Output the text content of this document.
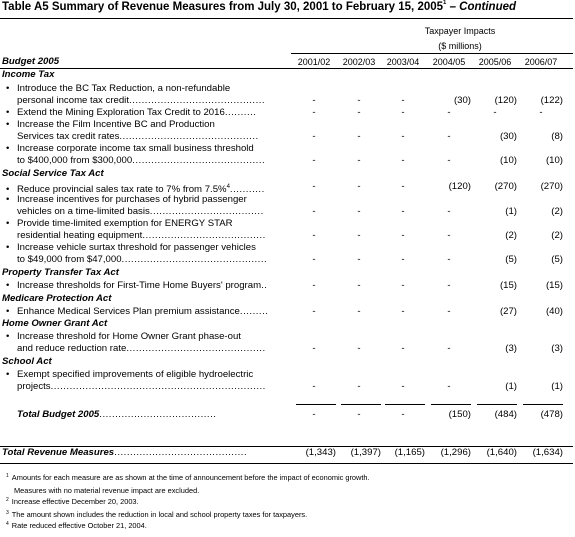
Table A5 Summary of Revenue Measures from July 30, 2001 to February 15, 2005$^1$ – Continued
Taxpayer Impacts
($ millions)
Budget 2005	2001/02	2002/03	2003/04	2004/05	2005/06	2006/07
Income Tax
• Introduce the BC Tax Reduction, a non-refundable
personal income tax credit...........................................	-	-	-	(30)	(120)	(122)
• Extend the Mining Exploration Tax Credit to 2016..........	-	-	-	-	-	-
• Increase the Film Incentive BC and Production
Services tax credit rates............................................	-	-	-	-	(30)	(8)
• Increase corporate income tax small business threshold
to $400,000 from $300,000..........................................	-	-	-	-	(10)	(10)
Social Service Tax Act
• Reduce provincial sales tax rate to 7% from 7.5%$^4$...........	-	-	-	(120)	(270)	(270)
• Increase incentives for purchases of hybrid passenger
vehicles on a time-limited basis....................................	-	-	-	-	(1)	(2)
• Provide time-limited exemption for ENERGY STAR
residential heating equipment.......................................	-	-	-	-	(2)	(2)
• Increase vehicle surtax threshold for passenger vehicles
to $49,000 from $47,000..............................................	-	-	-	-	(5)	(5)
Property Transfer Tax Act
• Increase thresholds for First-Time Home Buyers' program..	-	-	-	-	(15)	(15)
Medicare Protection Act
• Enhance Medical Services Plan premium assistance.........	-	-	-	-	(27)	(40)
Home Owner Grant Act
• Increase threshold for Home Owner Grant phase-out
and reduce reduction rate............................................	-	-	-	-	(3)	(3)
School Act
• Exempt specified improvements of eligible hydroelectric
projects....................................................................	-	-	-	-	(1)	(1)
Total Budget 2005.....................................	-	-	-	(150)	(484)	(478)
Total Revenue Measures..........................................	(1,343)	(1,397)	(1,165)	(1,296)	(1,640)	(1,634)
$^1$ Amounts for each measure are as shown at the time of announcement before the impact of economic growth.
Measures with no material revenue impact are excluded.
$^2$ Increase effective December 20, 2003.
$^3$ The amount shown includes the reduction in local and school property taxes for taxpayers.
$^4$ Rate reduced effective October 21, 2004.
